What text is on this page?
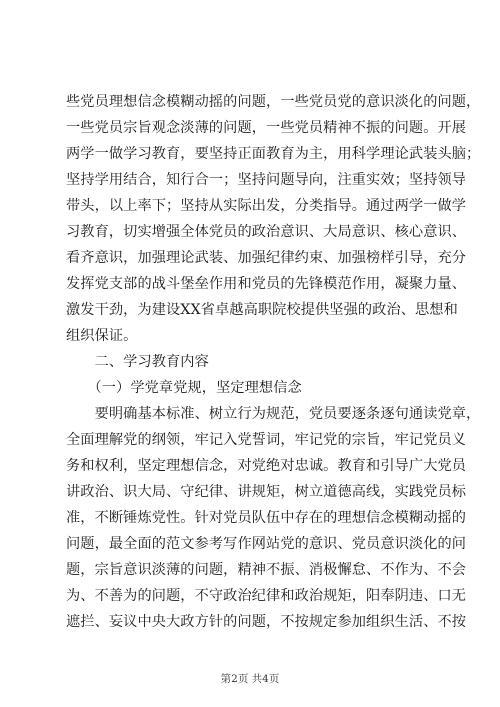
些党员理想信念模糊动摇的问题，一些党员党的意识淡化的问题，
一些党员宗旨观念淡薄的问题，一些党员精神不振的问题。开展
两学一做学习教育，要坚持正面教育为主，用科学理论武装头脑；
坚持学用结合，知行合一；坚持问题导向，注重实效；坚持领导
带头，以上率下；坚持从实际出发，分类指导。通过两学一做学
习教育，切实增强全体党员的政治意识、大局意识、核心意识、
看齐意识，加强理论武装、加强纪律约束、加强榜样引导，充分
发挥党支部的战斗堡垒作用和党员的先锋模范作用，凝聚力量、
激发干劲，为建设XX省卓越高职院校提供坚强的政治、思想和
组织保证。
　　二、学习教育内容
　　（一）学党章党规，坚定理想信念
　　要明确基本标准、树立行为规范，党员要逐条逐句通读党章，
全面理解党的纲领，牢记入党誓词，牢记党的宗旨，牢记党员义
务和权利，坚定理想信念，对党绝对忠诚。教育和引导广大党员
讲政治、识大局、守纪律、讲规矩，树立道德高线，实践党员标
准，不断锤炼党性。针对党员队伍中存在的理想信念模糊动摇的
问题，最全面的范文参考写作网站党的意识、党员意识淡化的问
题，宗旨意识淡薄的问题，精神不振、消极懈怠、不作为、不会
为、不善为的问题，不守政治纪律和政治规矩，阳奉阴违、口无
遮拦、妄议中央大政方针的问题，不按规定参加组织生活、不按
第2页 共4页
